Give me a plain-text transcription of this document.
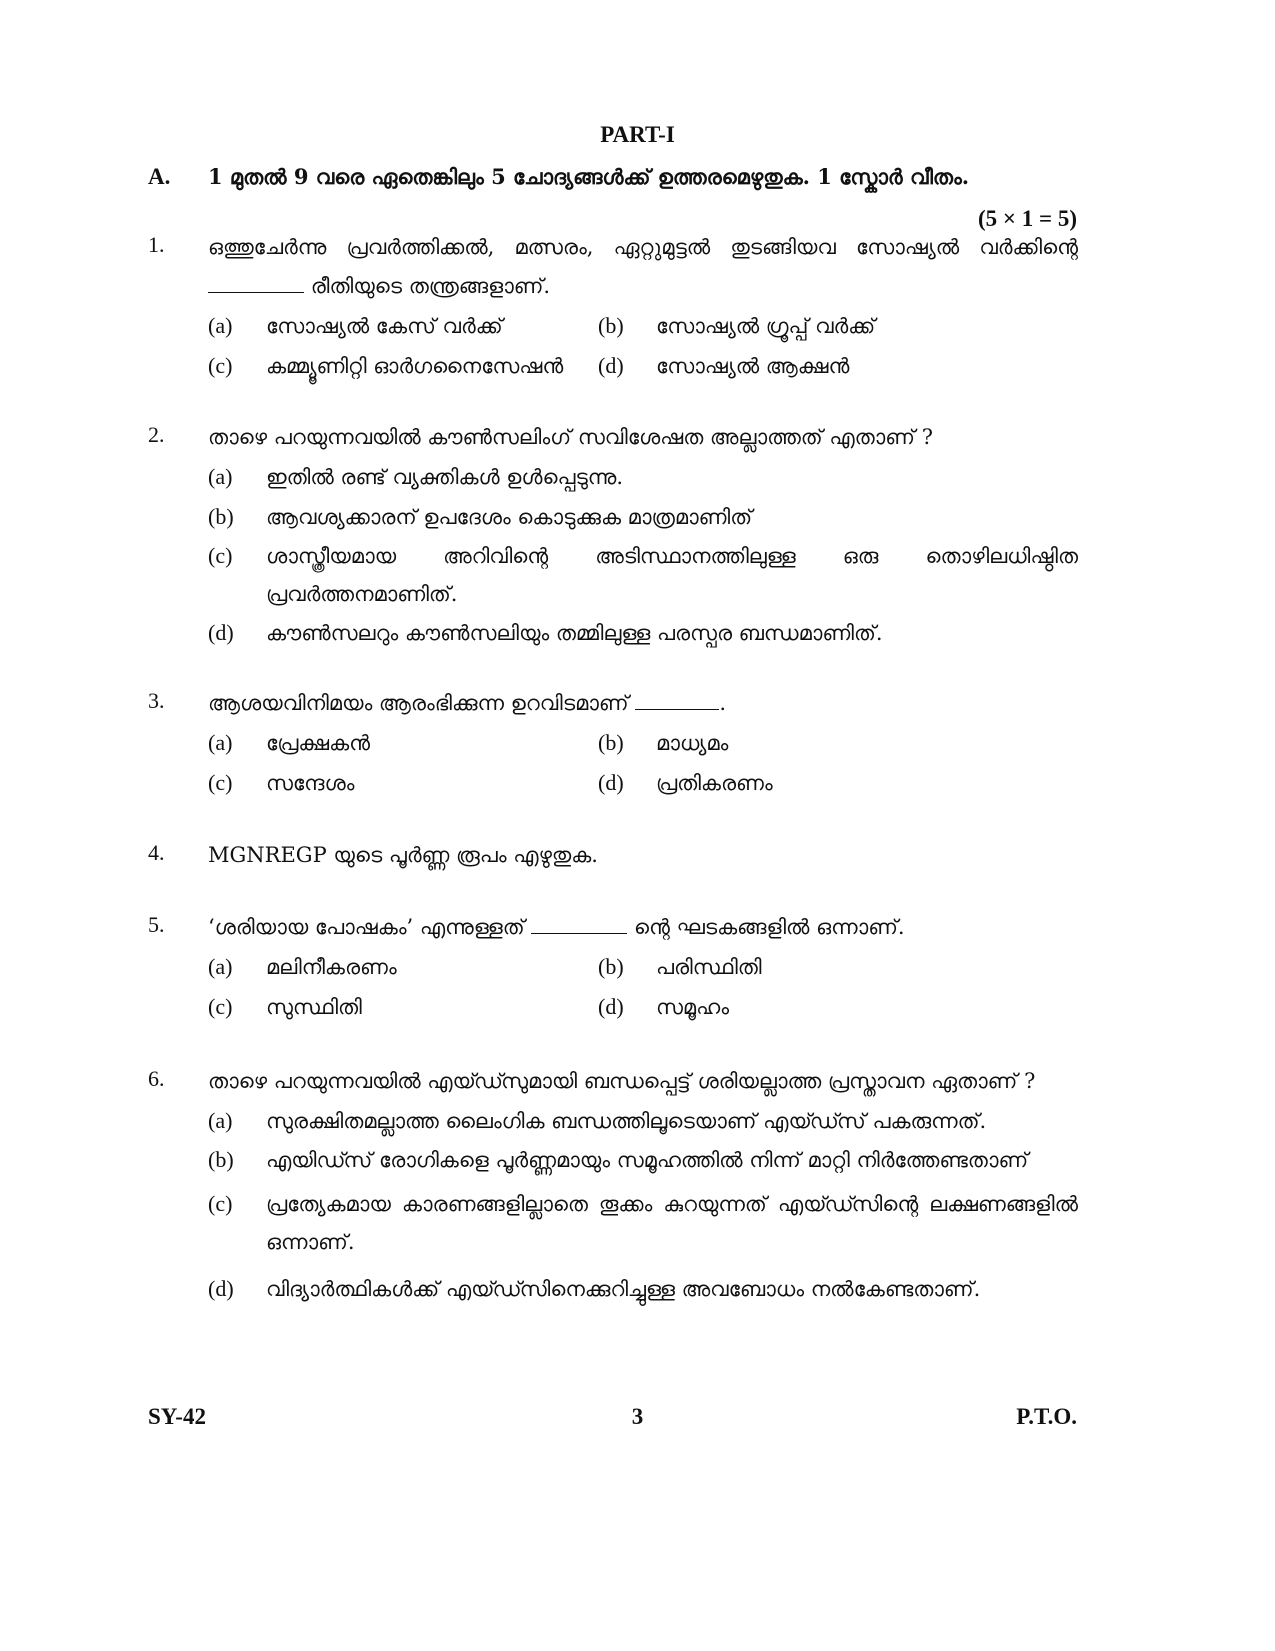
PART-I
A. 1 മുതൽ 9 വരെ ഏതെങ്കിലും 5 ചോദ്യങ്ങൾക്ക് ഉത്തരമെഴുതുക. 1 സ്കോർ വീതം.
(5 × 1 = 5)
1. ഒത്തുചേർന്നു പ്രവർത്തിക്കൽ, മത്സരം, ഏറ്റുമുട്ടൽ തുടങ്ങിയവ സോഷ്യൽ വർക്കിന്റെ  രീതിയുടെ തന്ത്രങ്ങളാണ്.
(a) സോഷ്യൽ കേസ് വർക്ക്	(b) സോഷ്യൽ ഗ്രൂപ്പ് വർക്ക്
(c) കമ്മ്യൂണിറ്റി ഓർഗനൈസേഷൻ (d) സോഷ്യൽ ആക്ഷൻ
2. താഴെ പറയുന്നവയിൽ കൗൺസലിംഗ് സവിശേഷത അല്ലാത്തത് എതാണ് ?
(a) ഇതിൽ രണ്ട് വ്യക്തികൾ ഉൾപ്പെടുന്നു.
(b) ആവശ്യക്കാരന് ഉപദേശം കൊടുക്കുക മാത്രമാണിത്
(c) ശാസ്ത്രീയമായ അറിവിന്റെ അടിസ്ഥാനത്തിലുള്ള ഒരു തൊഴിലധിഷ്ഠിത പ്രവർത്തനമാണിത്.
(d) കൗൺസലറും കൗൺസലിയും തമ്മിലുള്ള പരസ്പര ബന്ധമാണിത്.
3. ആശയവിനിമയം ആരംഭിക്കുന്ന ഉറവിടമാണ്	.
(a) പ്രേക്ഷകൻ	(b) മാധ്യമം
(c) സന്ദേശം	(d) പ്രതികരണം
4. MGNREGP യുടെ പൂർണ്ണ രൂപം എഴുതുക.
5. ‘ശരിയായ പോഷകം’ എന്നുള്ളത്	ന്റെ ഘടകങ്ങളിൽ ഒന്നാണ്.
(a) മലിനീകരണം	(b) പരിസ്ഥിതി
(c) സുസ്ഥിതി	(d) സമൂഹം
6. താഴെ പറയുന്നവയിൽ എയ്ഡ്സുമായി ബന്ധപ്പെട്ട് ശരിയല്ലാത്ത പ്രസ്താവന ഏതാണ് ?
(a) സുരക്ഷിതമല്ലാത്ത ലൈംഗിക ബന്ധത്തിലൂടെയാണ് എയ്ഡ്സ് പകരുന്നത്.
(b) എയിഡ്സ് രോഗികളെ പൂർണ്ണമായും സമൂഹത്തിൽ നിന്ന് മാറ്റി നിർത്തേണ്ടതാണ്
(c) പ്രത്യേകമായ കാരണങ്ങളില്ലാതെ തൂക്കം കുറയുന്നത് എയ്ഡ്സിന്റെ ലക്ഷണങ്ങളിൽ ഒന്നാണ്.
(d) വിദ്യാർത്ഥികൾക്ക് എയ്ഡ്സിനെക്കുറിച്ചുള്ള അവബോധം നൽകേണ്ടതാണ്.
SY-42	3	P.T.O.
